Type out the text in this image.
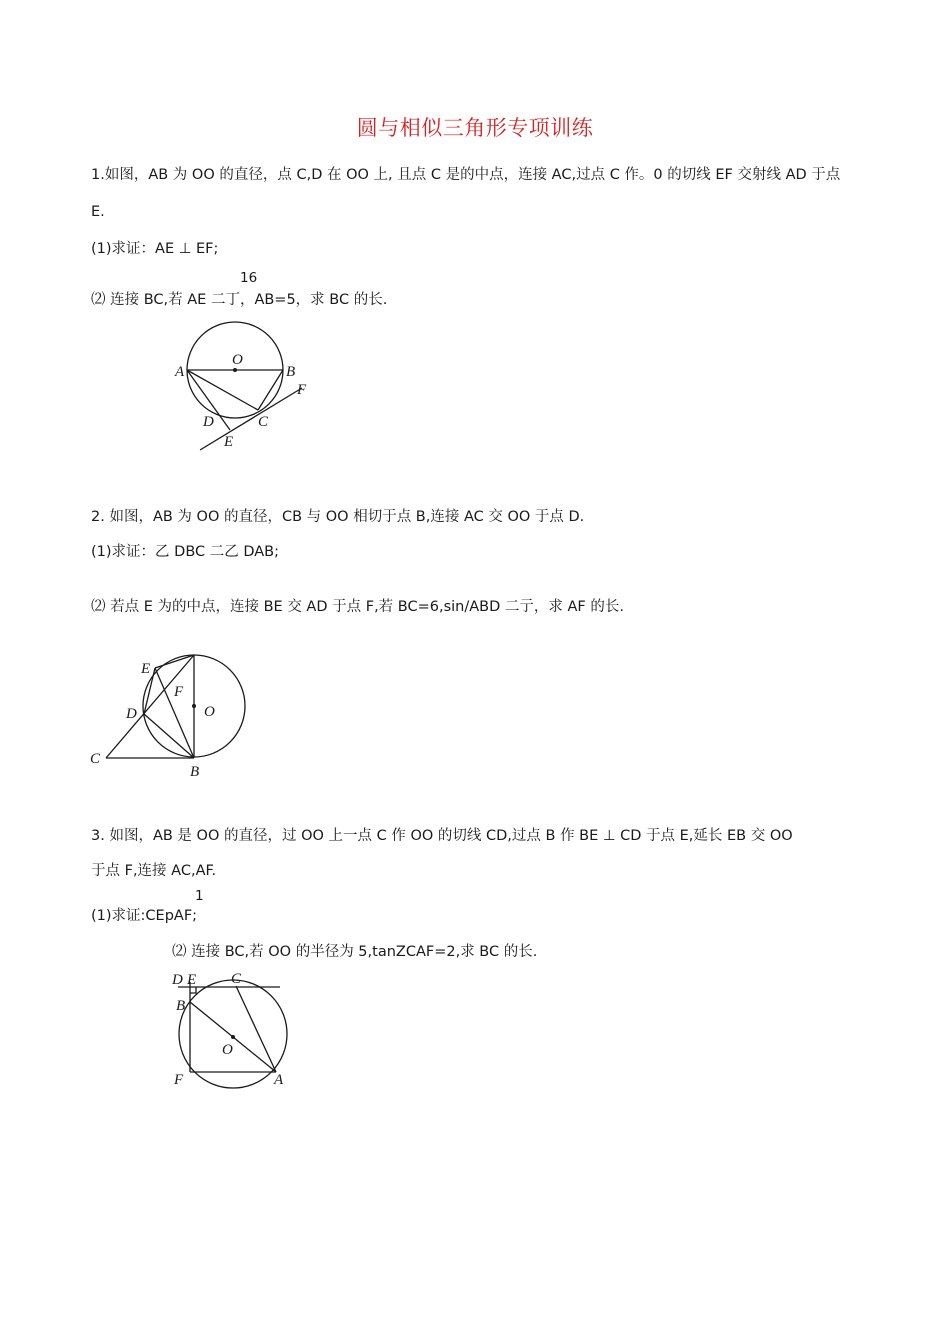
圆与相似三角形专项训练
1.如图，AB 为 OO 的直径，点 C,D 在 OO 上, 且点 C 是的中点，连接 AC,过点 C 作。0 的切线 EF 交射线 AD 于点
E.
(1)求证：AE ⊥ EF;
16
⑵ 连接 BC,若 AE 二丁，AB=5，求 BC 的长.
O
A	B
C
D
E
F
2. 如图，AB 为 OO 的直径，CB 与 OO 相切于点 B,连接 AC 交 OO 于点 D.
(1)求证：乙 DBC 二乙 DAB;
⑵ 若点 E 为的中点，连接 BE 交 AD 于点 F,若 BC=6,sin/ABD 二亍，求 AF 的长.
E
F
D	O
C
B
3. 如图，AB 是 OO 的直径，过 OO 上一点 C 作 OO 的切线 CD,过点 B 作 BE ⊥ CD 于点 E,延长 EB 交 OO
于点 F,连接 AC,AF.
1
(1)求证:CEpAF;
⑵ 连接 BC,若 OO 的半径为 5,tanZCAF=2,求 BC 的长.
D E C
B
O
F	A
